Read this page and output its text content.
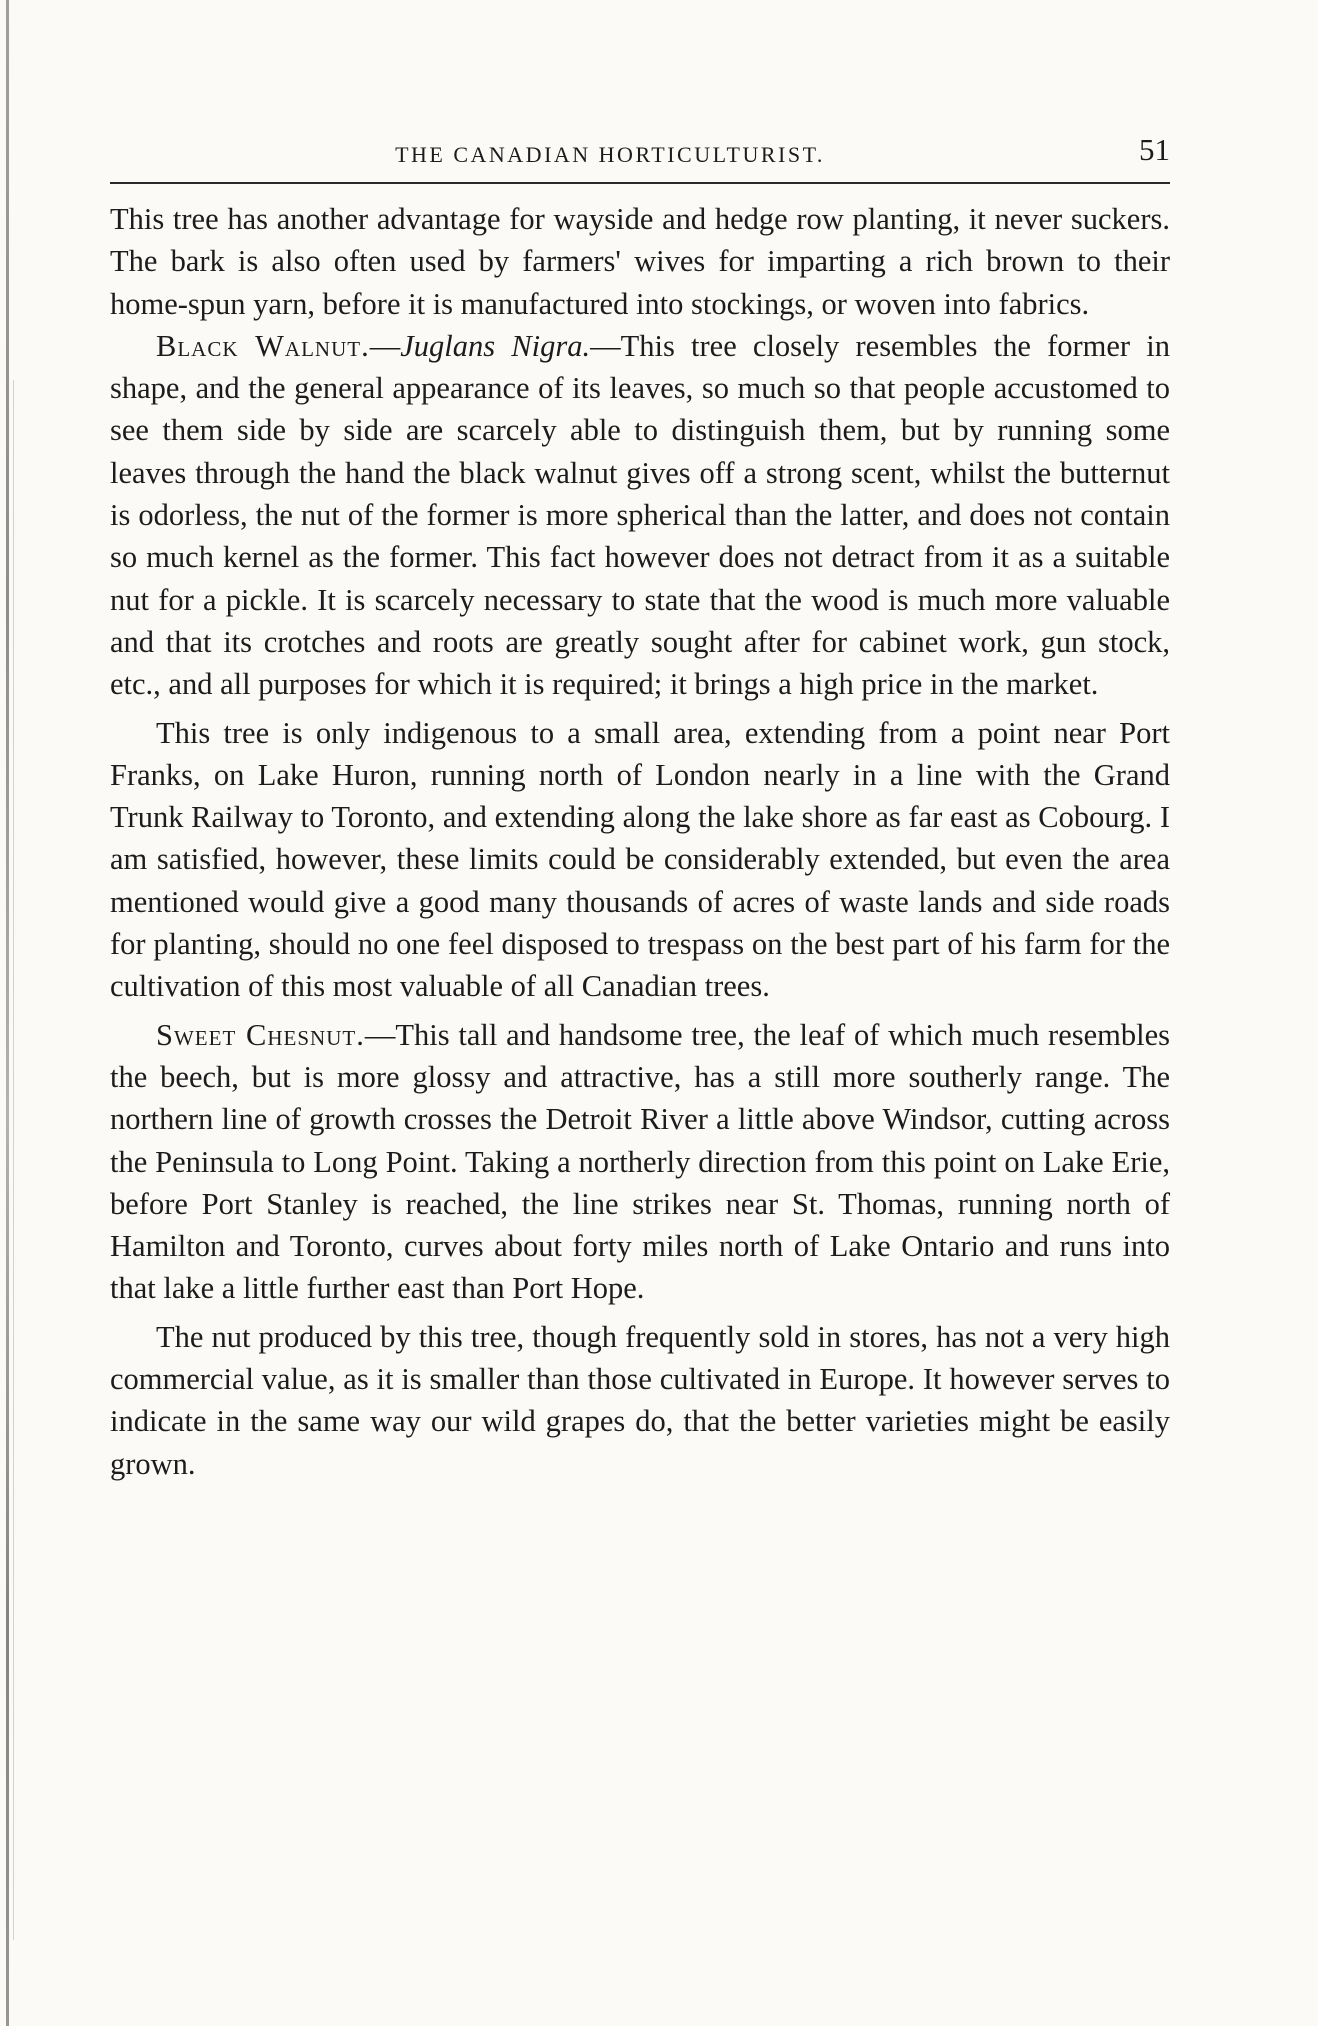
THE CANADIAN HORTICULTURIST.	51

This tree has another advantage for wayside and hedge row planting, it never suckers. The bark is also often used by farmers' wives for imparting a rich brown to their home-spun yarn, before it is manufactured into stockings, or woven into fabrics.

Black Walnut.—Juglans Nigra.—This tree closely resembles the former in shape, and the general appearance of its leaves, so much so that people accustomed to see them side by side are scarcely able to distinguish them, but by running some leaves through the hand the black walnut gives off a strong scent, whilst the butternut is odorless, the nut of the former is more spherical than the latter, and does not contain so much kernel as the former. This fact however does not detract from it as a suitable nut for a pickle. It is scarcely necessary to state that the wood is much more valuable and that its crotches and roots are greatly sought after for cabinet work, gun stock, etc., and all purposes for which it is required; it brings a high price in the market.

This tree is only indigenous to a small area, extending from a point near Port Franks, on Lake Huron, running north of London nearly in a line with the Grand Trunk Railway to Toronto, and extending along the lake shore as far east as Cobourg. I am satisfied, however, these limits could be considerably extended, but even the area mentioned would give a good many thousands of acres of waste lands and side roads for planting, should no one feel disposed to trespass on the best part of his farm for the cultivation of this most valuable of all Canadian trees.

Sweet Chesnut.—This tall and handsome tree, the leaf of which much resembles the beech, but is more glossy and attractive, has a still more southerly range. The northern line of growth crosses the Detroit River a little above Windsor, cutting across the Peninsula to Long Point. Taking a northerly direction from this point on Lake Erie, before Port Stanley is reached, the line strikes near St. Thomas, running north of Hamilton and Toronto, curves about forty miles north of Lake Ontario and runs into that lake a little further east than Port Hope.

The nut produced by this tree, though frequently sold in stores, has not a very high commercial value, as it is smaller than those cultivated in Europe. It however serves to indicate in the same way our wild grapes do, that the better varieties might be easily grown.
